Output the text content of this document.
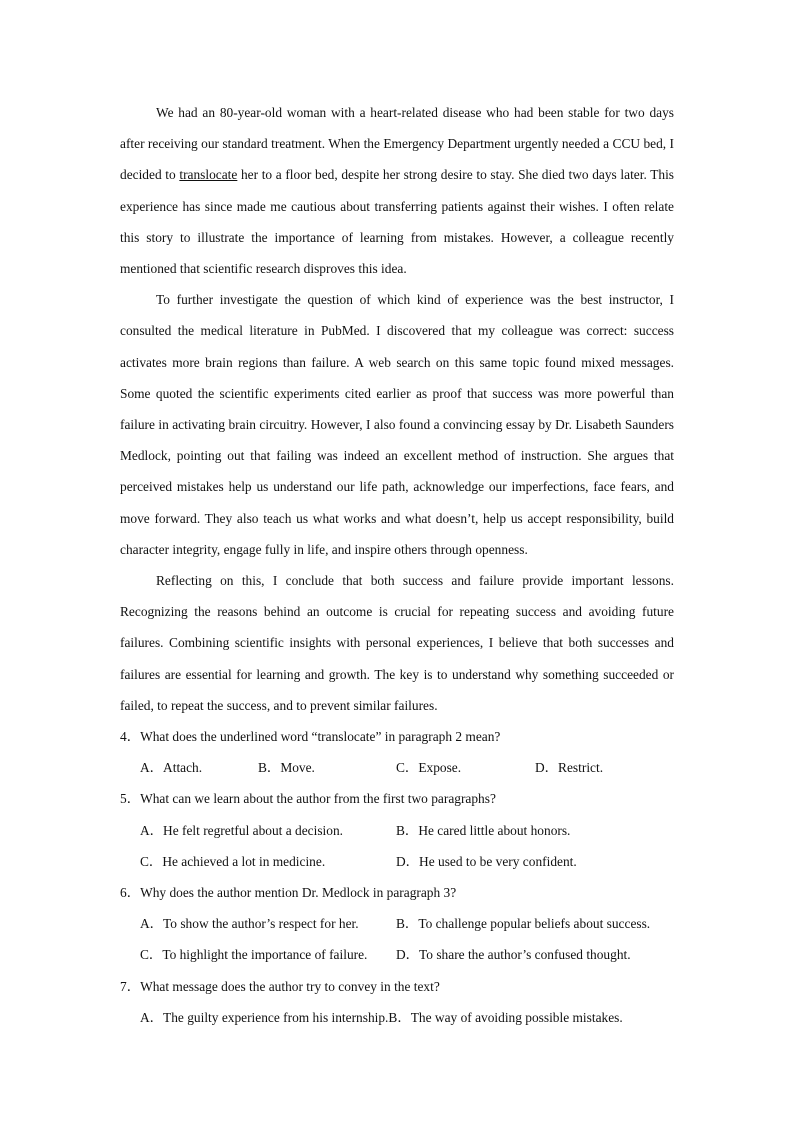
We had an 80-year-old woman with a heart-related disease who had been stable for two days after receiving our standard treatment. When the Emergency Department urgently needed a CCU bed, I decided to translocate her to a floor bed, despite her strong desire to stay. She died two days later. This experience has since made me cautious about transferring patients against their wishes. I often relate this story to illustrate the importance of learning from mistakes. However, a colleague recently mentioned that scientific research disproves this idea.

To further investigate the question of which kind of experience was the best instructor, I consulted the medical literature in PubMed. I discovered that my colleague was correct: success activates more brain regions than failure. A web search on this same topic found mixed messages. Some quoted the scientific experiments cited earlier as proof that success was more powerful than failure in activating brain circuitry. However, I also found a convincing essay by Dr. Lisabeth Saunders Medlock, pointing out that failing was indeed an excellent method of instruction. She argues that perceived mistakes help us understand our life path, acknowledge our imperfections, face fears, and move forward. They also teach us what works and what doesn’t, help us accept responsibility, build character integrity, engage fully in life, and inspire others through openness.

Reflecting on this, I conclude that both success and failure provide important lessons. Recognizing the reasons behind an outcome is crucial for repeating success and avoiding future failures. Combining scientific insights with personal experiences, I believe that both successes and failures are essential for learning and growth. The key is to understand why something succeeded or failed, to repeat the success, and to prevent similar failures.

4．What does the underlined word “translocate” in paragraph 2 mean?

A．Attach.	B．Move.	C．Expose.	D．Restrict.

5．What can we learn about the author from the first two paragraphs?

A．He felt regretful about a decision.	B．He cared little about honors.
C．He achieved a lot in medicine.	D．He used to be very confident.

6．Why does the author mention Dr. Medlock in paragraph 3?

A．To show the author’s respect for her.	B．To challenge popular beliefs about success.
C．To highlight the importance of failure.	D．To share the author’s confused thought.

7．What message does the author try to convey in the text?

A．The guilty experience from his internship. B．The way of avoiding possible mistakes.
